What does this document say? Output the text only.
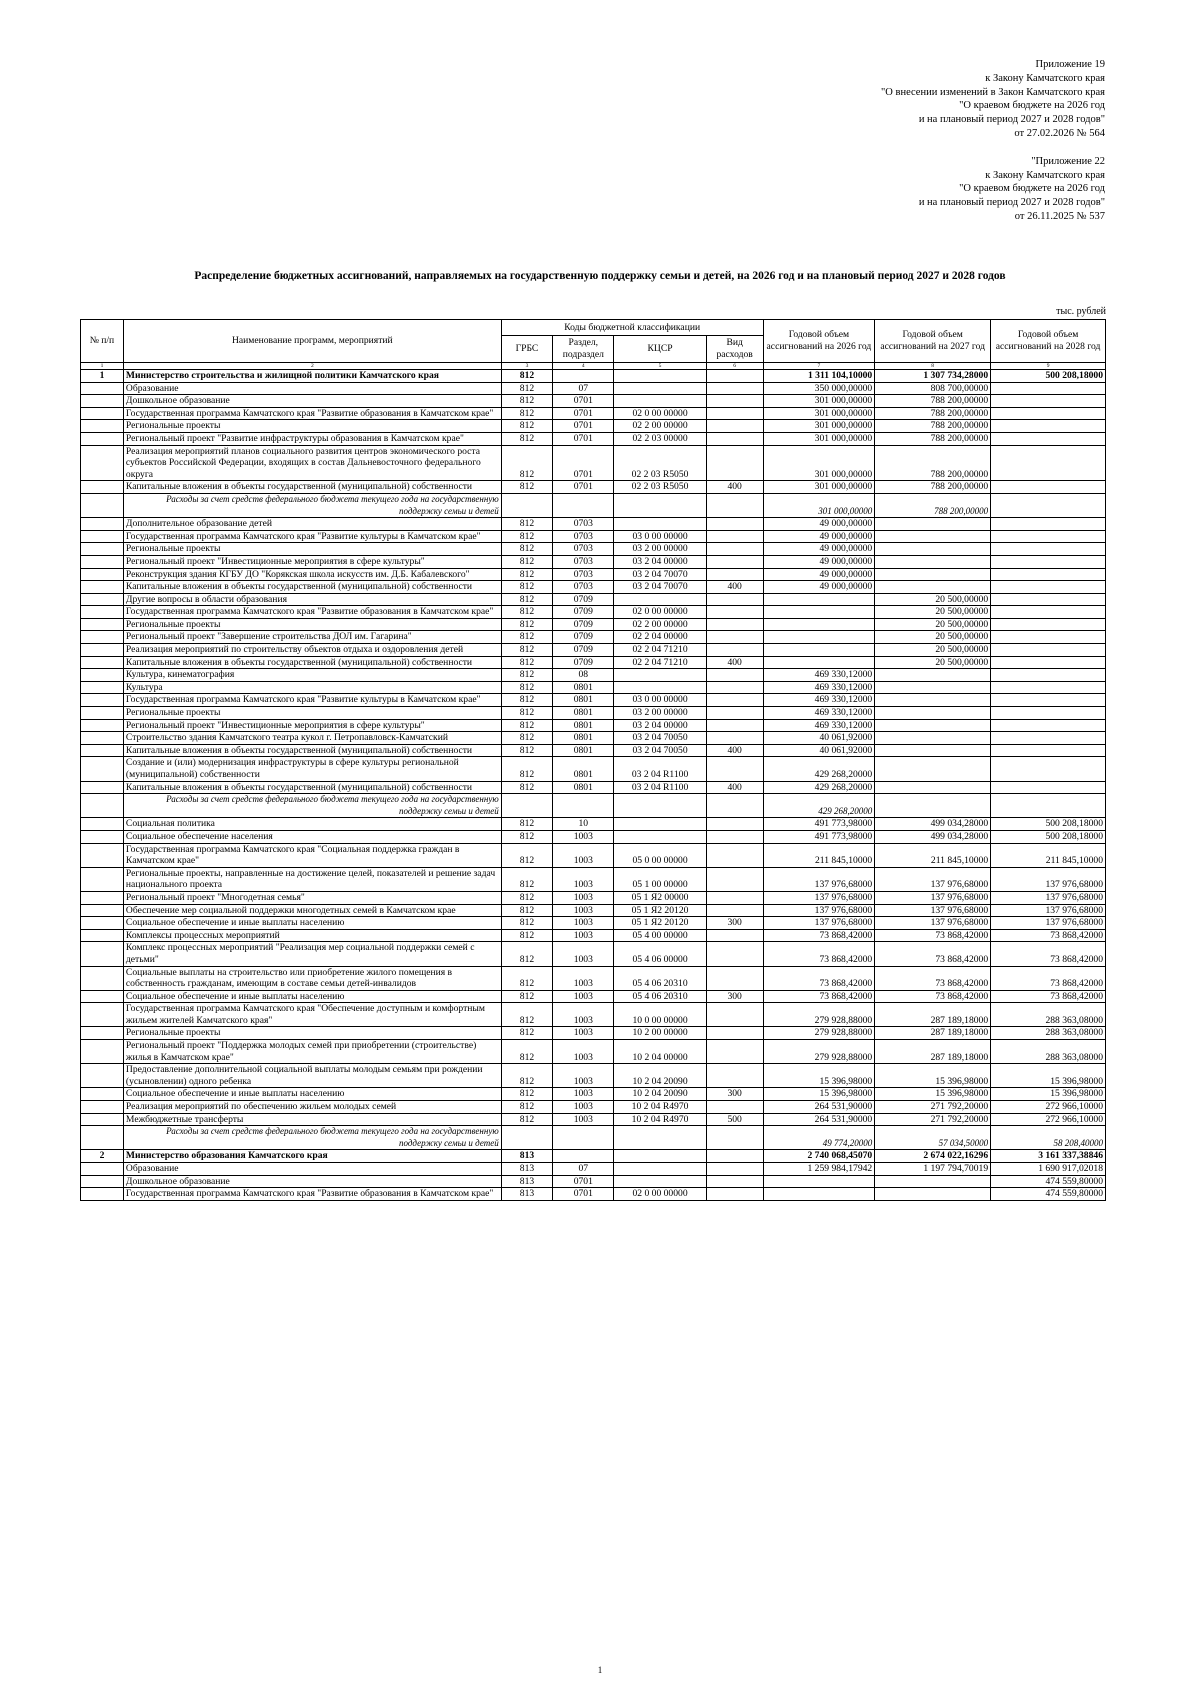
Приложение 19
к Закону Камчатского края
"О внесении изменений в Закон Камчатского края
"О краевом бюджете на 2026 год
и на плановый период 2027 и 2028 годов"
от 27.02.2026 № 564
"Приложение 22
к Закону Камчатского края
"О краевом бюджете на 2026 год
и на плановый период 2027 и 2028 годов"
от 26.11.2025 № 537
Распределение бюджетных ассигнований, направляемых на государственную поддержку семьи и детей, на 2026 год и на плановый период 2027 и 2028 годов
тыс. рублей
№ п/п	Наименование программ, мероприятий	Коды бюджетной классификации				Годовой объем ассигнований на 2026 год	Годовой объем ассигнований на 2027 год	Годовой объем ассигнований на 2028 год
		ГРБС	Раздел, подраздел	КЦСР	Вид расходов			
1	2	3	4	5	6	7	8	9
1	Министерство строительства и жилищной политики Камчатского края	812				1 311 104,10000	1 307 734,28000	500 208,18000
	Образование	812	07			350 000,00000	808 700,00000	
	Дошкольное образование	812	0701			301 000,00000	788 200,00000	
	Государственная программа Камчатского края "Развитие образования в Камчатском крае"	812	0701	02 0 00 00000		301 000,00000	788 200,00000	
	Региональные проекты	812	0701	02 2 00 00000		301 000,00000	788 200,00000	
	Региональный проект "Развитие инфраструктуры образования в Камчатском крае"	812	0701	02 2 03 00000		301 000,00000	788 200,00000	
	Реализация мероприятий планов социального развития центров экономического роста субъектов Российской Федерации, входящих в состав Дальневосточного федерального округа	812	0701	02 2 03 R5050		301 000,00000	788 200,00000	
	Капитальные вложения в объекты государственной (муниципальной) собственности	812	0701	02 2 03 R5050	400	301 000,00000	788 200,00000	
	Расходы за счет средств федерального бюджета текущего года на государственную поддержку семьи и детей					301 000,00000	788 200,00000	
	Дополнительное образование детей	812	0703			49 000,00000		
	Государственная программа Камчатского края "Развитие культуры в Камчатском крае"	812	0703	03 0 00 00000		49 000,00000		
	Региональные проекты	812	0703	03 2 00 00000		49 000,00000		
	Региональный проект "Инвестиционные мероприятия в сфере культуры"	812	0703	03 2 04 00000		49 000,00000		
	Реконструкция здания КГБУ ДО "Корякская школа искусств им. Д.Б. Кабалевского"	812	0703	03 2 04 70070		49 000,00000		
	Капитальные вложения в объекты государственной (муниципальной) собственности	812	0703	03 2 04 70070	400	49 000,00000		
	Другие вопросы в области образования	812	0709				20 500,00000	
	Государственная программа Камчатского края "Развитие образования в Камчатском крае"	812	0709	02 0 00 00000			20 500,00000	
	Региональные проекты	812	0709	02 2 00 00000			20 500,00000	
	Региональный проект "Завершение строительства ДОЛ им. Гагарина"	812	0709	02 2 04 00000			20 500,00000	
	Реализация мероприятий по строительству объектов отдыха и оздоровления детей	812	0709	02 2 04 71210			20 500,00000	
	Капитальные вложения в объекты государственной (муниципальной) собственности	812	0709	02 2 04 71210	400		20 500,00000	
	Культура, кинематография	812	08			469 330,12000		
	Культура	812	0801			469 330,12000		
	Государственная программа Камчатского края "Развитие культуры в Камчатском крае"	812	0801	03 0 00 00000		469 330,12000		
	Региональные проекты	812	0801	03 2 00 00000		469 330,12000		
	Региональный проект "Инвестиционные мероприятия в сфере культуры"	812	0801	03 2 04 00000		469 330,12000		
	Строительство здания Камчатского театра кукол г. Петропавловск-Камчатский	812	0801	03 2 04 70050		40 061,92000		
	Капитальные вложения в объекты государственной (муниципальной) собственности	812	0801	03 2 04 70050	400	40 061,92000		
	Создание и (или) модернизация инфраструктуры в сфере культуры региональной (муниципальной) собственности	812	0801	03 2 04 R1100		429 268,20000		
	Капитальные вложения в объекты государственной (муниципальной) собственности	812	0801	03 2 04 R1100	400	429 268,20000		
	Расходы за счет средств федерального бюджета текущего года на государственную поддержку семьи и детей					429 268,20000		
	Социальная политика	812	10			491 773,98000	499 034,28000	500 208,18000
	Социальное обеспечение населения	812	1003			491 773,98000	499 034,28000	500 208,18000
	Государственная программа Камчатского края "Социальная поддержка граждан в Камчатском крае"	812	1003	05 0 00 00000		211 845,10000	211 845,10000	211 845,10000
	Региональные проекты, направленные на достижение целей, показателей и решение задач национального проекта	812	1003	05 1 00 00000		137 976,68000	137 976,68000	137 976,68000
	Региональный проект "Многодетная семья"	812	1003	05 1 Я2 00000		137 976,68000	137 976,68000	137 976,68000
	Обеспечение мер социальной поддержки многодетных семей в Камчатском крае	812	1003	05 1 Я2 20120		137 976,68000	137 976,68000	137 976,68000
	Социальное обеспечение и иные выплаты населению	812	1003	05 1 Я2 20120	300	137 976,68000	137 976,68000	137 976,68000
	Комплексы процессных мероприятий	812	1003	05 4 00 00000		73 868,42000	73 868,42000	73 868,42000
	Комплекс процессных мероприятий "Реализация мер социальной поддержки семей с детьми"	812	1003	05 4 06 00000		73 868,42000	73 868,42000	73 868,42000
	Социальные выплаты на строительство или приобретение жилого помещения в собственность гражданам, имеющим в составе семьи детей-инвалидов	812	1003	05 4 06 20310		73 868,42000	73 868,42000	73 868,42000
	Социальное обеспечение и иные выплаты населению	812	1003	05 4 06 20310	300	73 868,42000	73 868,42000	73 868,42000
	Государственная программа Камчатского края "Обеспечение доступным и комфортным жильем жителей Камчатского края"	812	1003	10 0 00 00000		279 928,88000	287 189,18000	288 363,08000
	Региональные проекты	812	1003	10 2 00 00000		279 928,88000	287 189,18000	288 363,08000
	Региональный проект "Поддержка молодых семей при приобретении (строительстве) жилья в Камчатском крае"	812	1003	10 2 04 00000		279 928,88000	287 189,18000	288 363,08000
	Предоставление дополнительной социальной выплаты молодым семьям при рождении (усыновлении) одного ребенка	812	1003	10 2 04 20090		15 396,98000	15 396,98000	15 396,98000
	Социальное обеспечение и иные выплаты населению	812	1003	10 2 04 20090	300	15 396,98000	15 396,98000	15 396,98000
	Реализация мероприятий по обеспечению жильем молодых семей	812	1003	10 2 04 R4970		264 531,90000	271 792,20000	272 966,10000
	Межбюджетные трансферты	812	1003	10 2 04 R4970	500	264 531,90000	271 792,20000	272 966,10000
	Расходы за счет средств федерального бюджета текущего года на государственную поддержку семьи и детей					49 774,20000	57 034,50000	58 208,40000
2	Министерство образования Камчатского края	813				2 740 068,45070	2 674 022,16296	3 161 337,38846
	Образование	813	07			1 259 984,17942	1 197 794,70019	1 690 917,02018
	Дошкольное образование	813	0701					474 559,80000
	Государственная программа Камчатского края "Развитие образования в Камчатском крае"	813	0701	02 0 00 00000				474 559,80000
1
